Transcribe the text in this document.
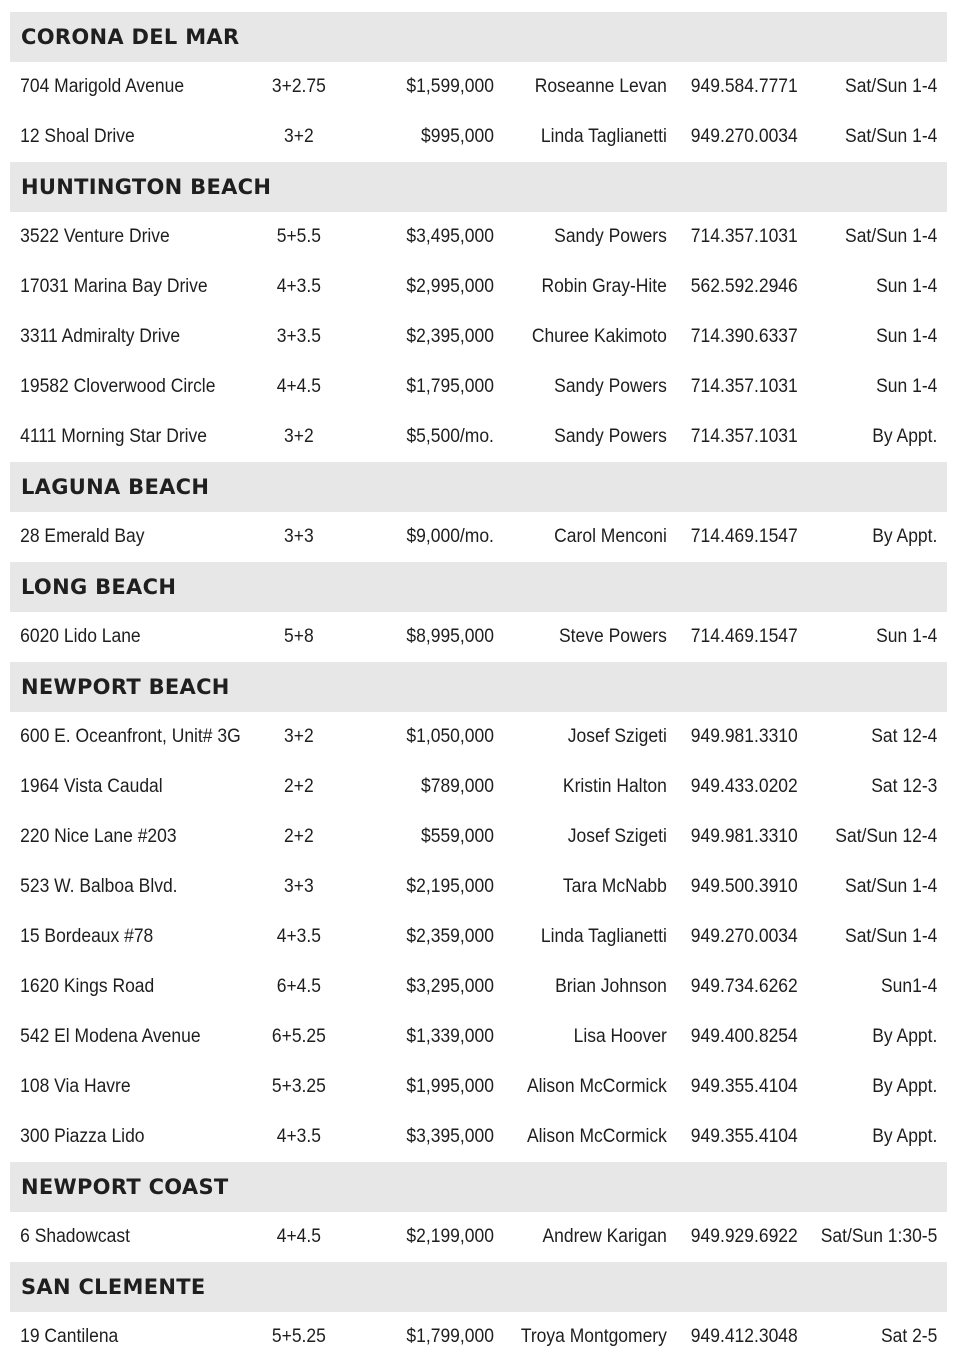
CORONA DEL MAR
704 Marigold Avenue	3+2.75	$1,599,000	Roseanne Levan 949.584.7771	Sat/Sun 1-4
12 Shoal Drive	3+2	$995,000	Linda Taglianetti 949.270.0034	Sat/Sun 1-4
HUNTINGTON BEACH
3522 Venture Drive	5+5.5	$3,495,000	Sandy Powers 714.357.1031	Sat/Sun 1-4
17031 Marina Bay Drive	4+3.5	$2,995,000	Robin Gray-Hite 562.592.2946	Sun 1-4
3311 Admiralty Drive	3+3.5	$2,395,000	Churee Kakimoto 714.390.6337	Sun 1-4
19582 Cloverwood Circle	4+4.5	$1,795,000	Sandy Powers 714.357.1031	Sun 1-4
4111 Morning Star Drive	3+2	$5,500/mo.	Sandy Powers 714.357.1031	By Appt.
LAGUNA BEACH
28 Emerald Bay	3+3	$9,000/mo.	Carol Menconi 714.469.1547	By Appt.
LONG BEACH
6020 Lido Lane	5+8	$8,995,000	Steve Powers 714.469.1547	Sun 1-4
NEWPORT BEACH
600 E. Oceanfront, Unit# 3G	3+2	$1,050,000	Josef Szigeti 949.981.3310	Sat 12-4
1964 Vista Caudal	2+2	$789,000	Kristin Halton 949.433.0202	Sat 12-3
220 Nice Lane #203	2+2	$559,000	Josef Szigeti 949.981.3310	Sat/Sun 12-4
523 W. Balboa Blvd.	3+3	$2,195,000	Tara McNabb 949.500.3910	Sat/Sun 1-4
15 Bordeaux #78	4+3.5	$2,359,000	Linda Taglianetti 949.270.0034	Sat/Sun 1-4
1620 Kings Road	6+4.5	$3,295,000	Brian Johnson 949.734.6262	Sun1-4
542 El Modena Avenue	6+5.25	$1,339,000	Lisa Hoover 949.400.8254	By Appt.
108 Via Havre	5+3.25	$1,995,000	Alison McCormick 949.355.4104	By Appt.
300 Piazza Lido	4+3.5	$3,395,000	Alison McCormick 949.355.4104	By Appt.
NEWPORT COAST
6 Shadowcast	4+4.5	$2,199,000	Andrew Karigan 949.929.6922	Sat/Sun 1:30-5
SAN CLEMENTE
19 Cantilena	5+5.25	$1,799,000	Troya Montgomery 949.412.3048	Sat 2-5
